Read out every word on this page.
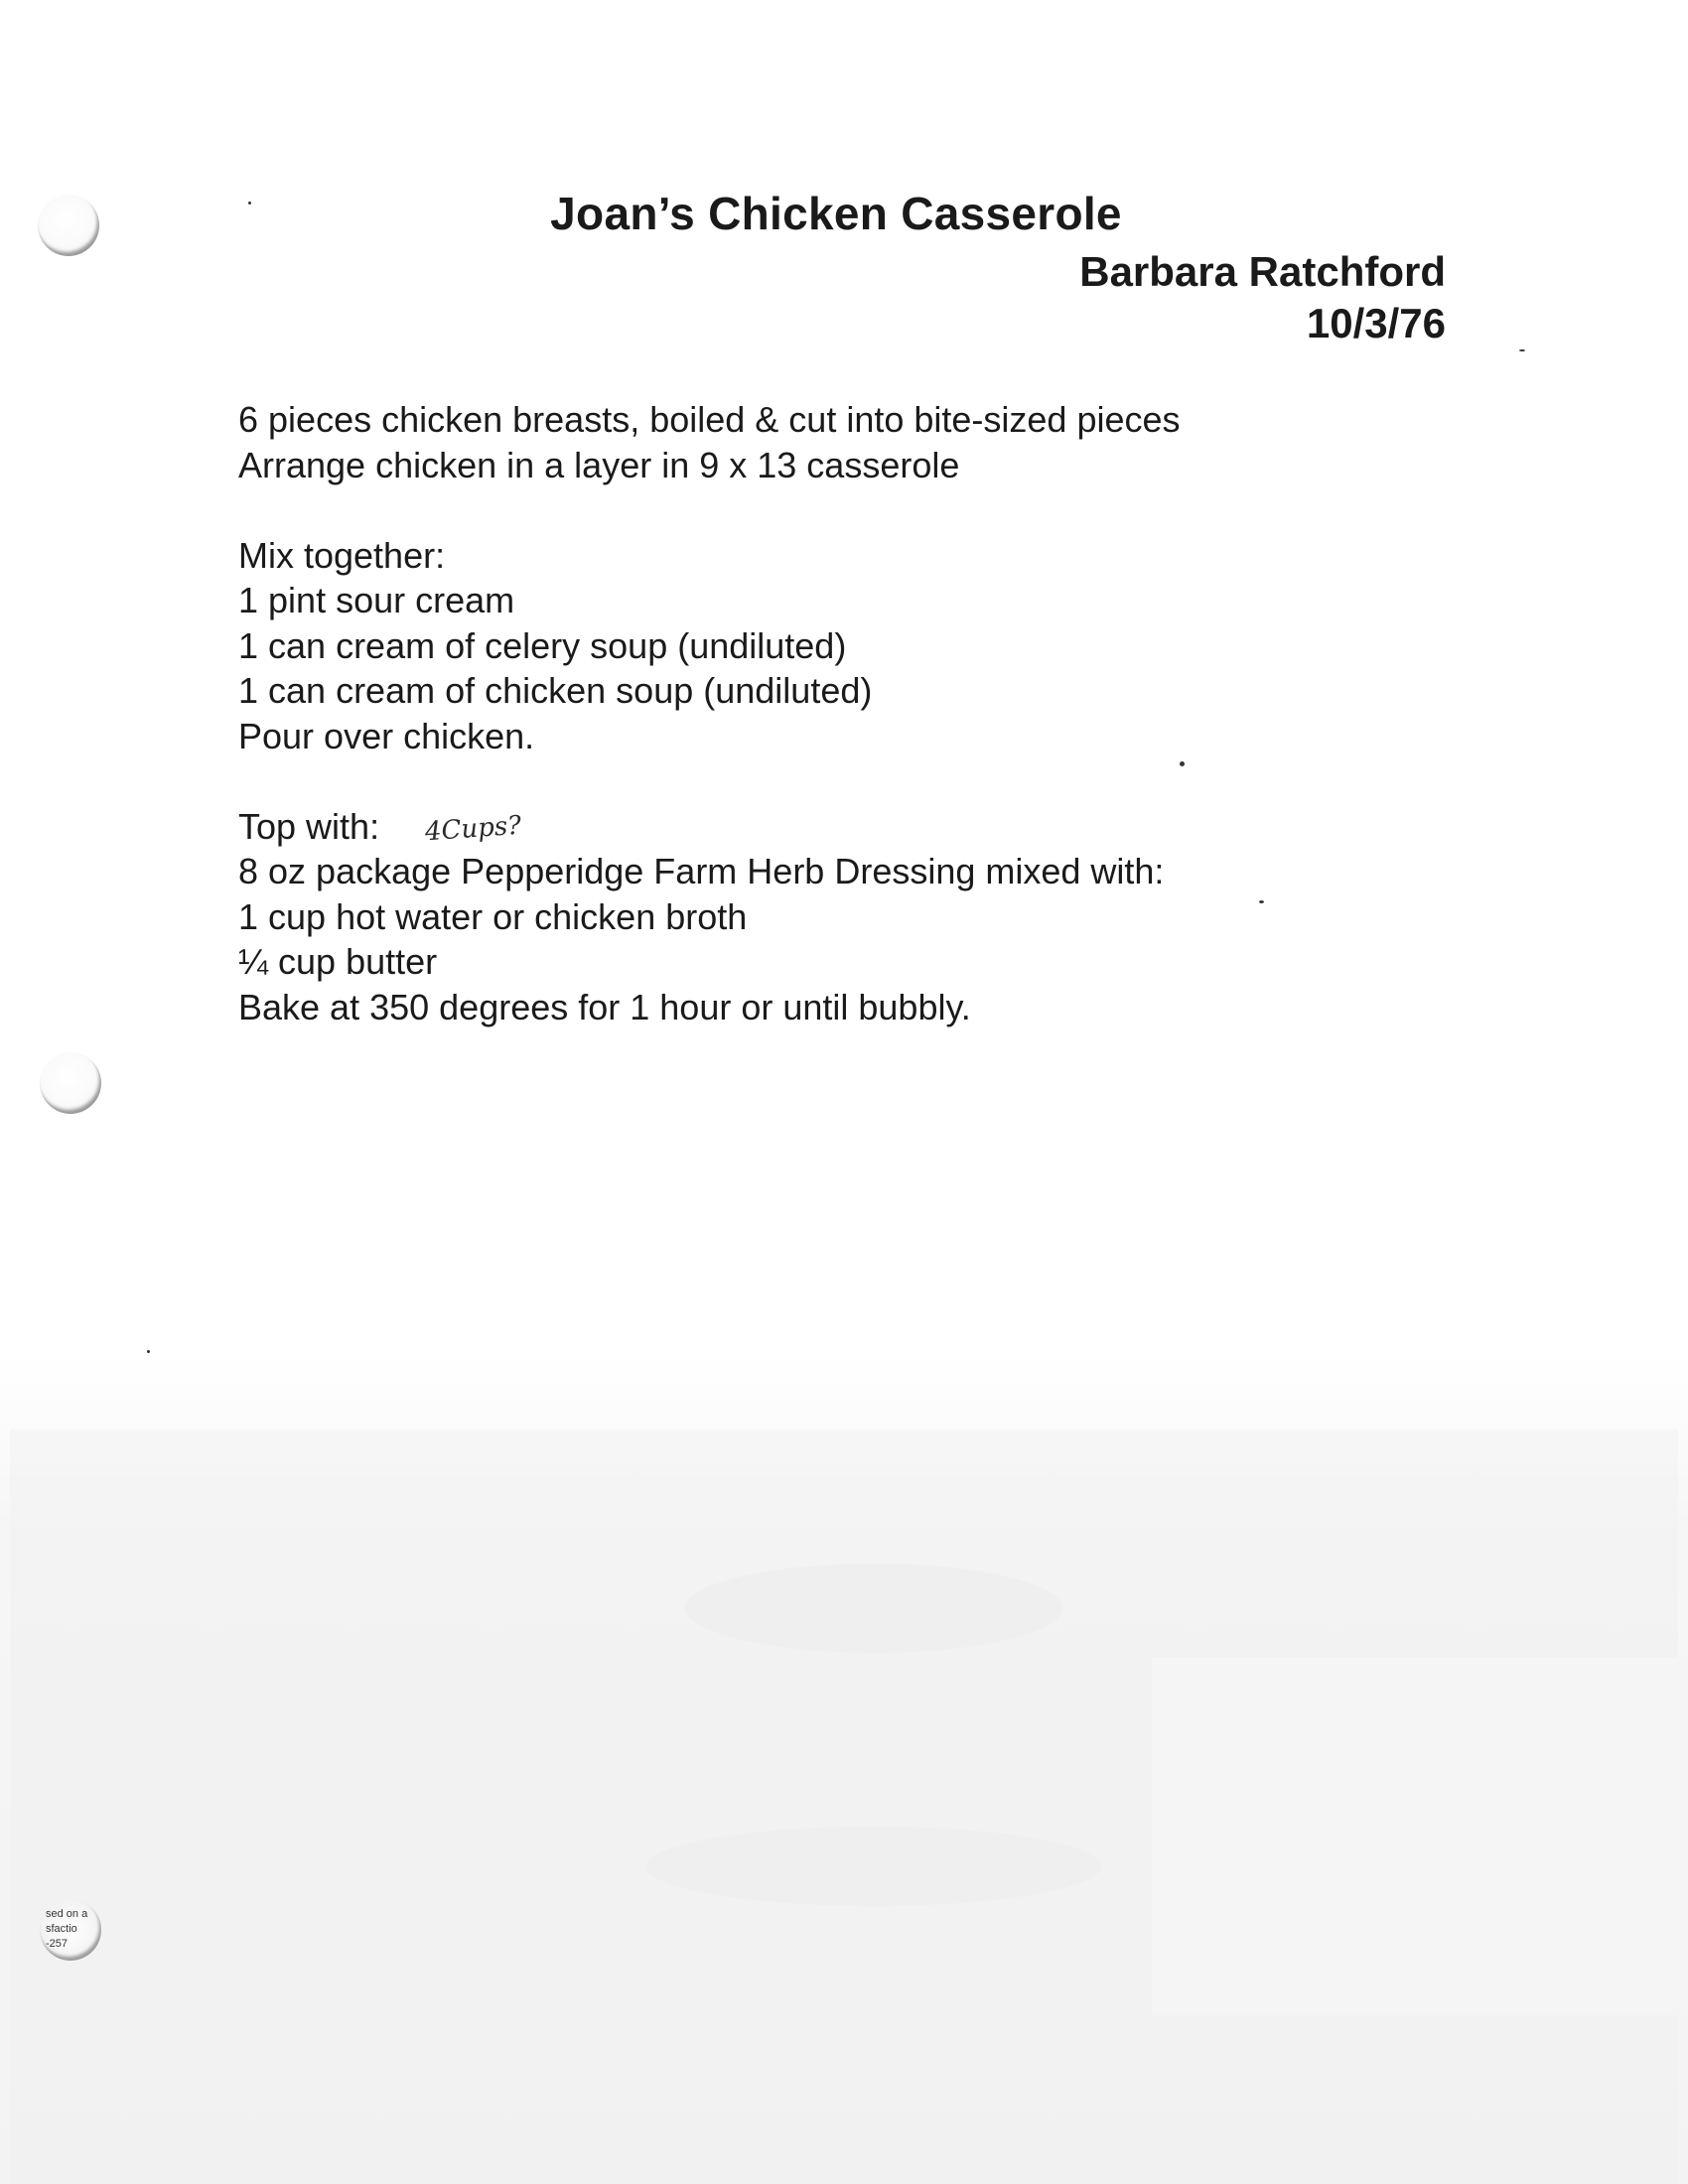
sed on a
sfactio
-257
Joan’s Chicken Casserole
Barbara Ratchford
10/3/76
6 pieces chicken breasts, boiled & cut into bite-sized pieces
Arrange chicken in a layer in 9 x 13 casserole
Mix together:
1 pint sour cream
1 can cream of celery soup (undiluted)
1 can cream of chicken soup (undiluted)
Pour over chicken.
Top with:
8 oz package Pepperidge Farm Herb Dressing mixed with:
1 cup hot water or chicken broth
¼ cup butter
Bake at 350 degrees for 1 hour or until bubbly.
4Cups?
